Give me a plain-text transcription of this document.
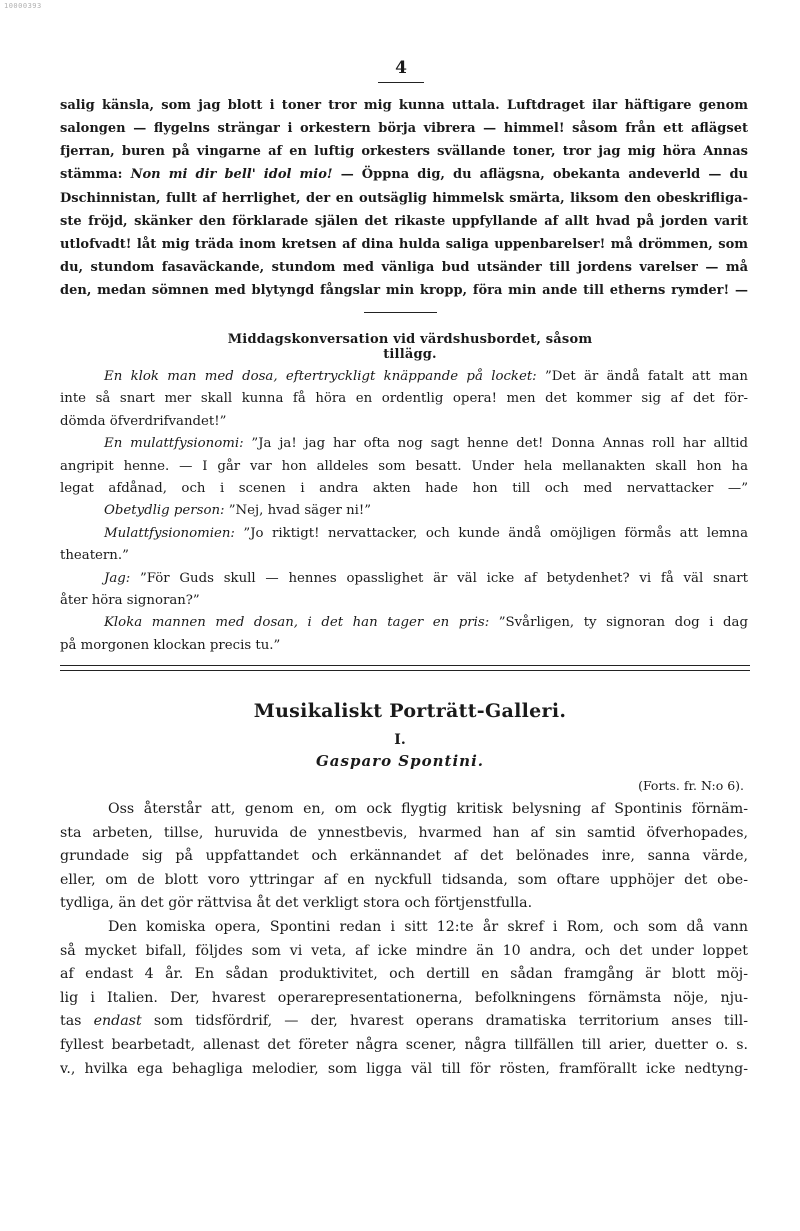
10000393
4
salig känsla, som jag blott i toner tror mig kunna uttala. Luftdraget ilar häftigare genom
salongen — flygelns strängar i orkestern börja vibrera — himmel! såsom från ett aflägset
fjerran, buren på vingarne af en luftig orkesters svällande toner, tror jag mig höra Annas
stämma: Non mi dir bell' idol mio! — Öppna dig, du aflägsna, obekanta andeverld — du
Dschinnistan, fullt af herrlighet, der en outsäglig himmelsk smärta, liksom den obeskrifliga-
ste fröjd, skänker den förklarade själen det rikaste uppfyllande af allt hvad på jorden varit
utlofvadt! låt mig träda inom kretsen af dina hulda saliga uppenbarelser! må drömmen, som
du, stundom fasaväckande, stundom med vänliga bud utsänder till jordens varelser — må
den, medan sömnen med blytyngd fångslar min kropp, föra min ande till etherns rymder! —
Middagskonversation vid värdshusbordet, såsom tillägg.
En klok man med dosa, eftertryckligt knäppande på locket: ”Det är ändå fatalt att man
inte så snart mer skall kunna få höra en ordentlig opera! men det kommer sig af det för-
dömda öfverdrifvandet!”
En mulattfysionomi: ”Ja ja! jag har ofta nog sagt henne det! Donna Annas roll har alltid
angripit henne. — I går var hon alldeles som besatt. Under hela mellanakten skall hon ha
legat afdånad, och i scenen i andra akten hade hon till och med nervattacker —”
Obetydlig person: ”Nej, hvad säger ni!”
Mulattfysionomien: ”Jo riktigt! nervattacker, och kunde ändå omöjligen förmås att lemna
theatern.”
Jag: ”För Guds skull — hennes opasslighet är väl icke af betydenhet? vi få väl snart
åter höra signoran?”
Kloka mannen med dosan, i det han tager en pris: ”Svårligen, ty signoran dog i dag
på morgonen klockan precis tu.”
Musikaliskt Porträtt-Galleri.
I.
Gasparo Spontini.
(Forts. fr. N:o 6).
Oss återstår att, genom en, om ock flygtig kritisk belysning af Spontinis förnäm-
sta arbeten, tillse, huruvida de ynnestbevis, hvarmed han af sin samtid öfverhopades,
grundade sig på uppfattandet och erkännandet af det belönades inre, sanna värde,
eller, om de blott voro yttringar af en nyckfull tidsanda, som oftare upphöjer det obe-
tydliga, än det gör rättvisa åt det verkligt stora och förtjenstfulla.
Den komiska opera, Spontini redan i sitt 12:te år skref i Rom, och som då vann
så mycket bifall, följdes som vi veta, af icke mindre än 10 andra, och det under loppet
af endast 4 år. En sådan produktivitet, och dertill en sådan framgång är blott möj-
lig i Italien. Der, hvarest operarepresentationerna, befolkningens förnämsta nöje, nju-
tas endast som tidsfördrif, — der, hvarest operans dramatiska territorium anses till-
fyllest bearbetadt, allenast det företer några scener, några tillfällen till arier, duetter o. s.
v., hvilka ega behagliga melodier, som ligga väl till för rösten, framförallt icke nedtyng-
